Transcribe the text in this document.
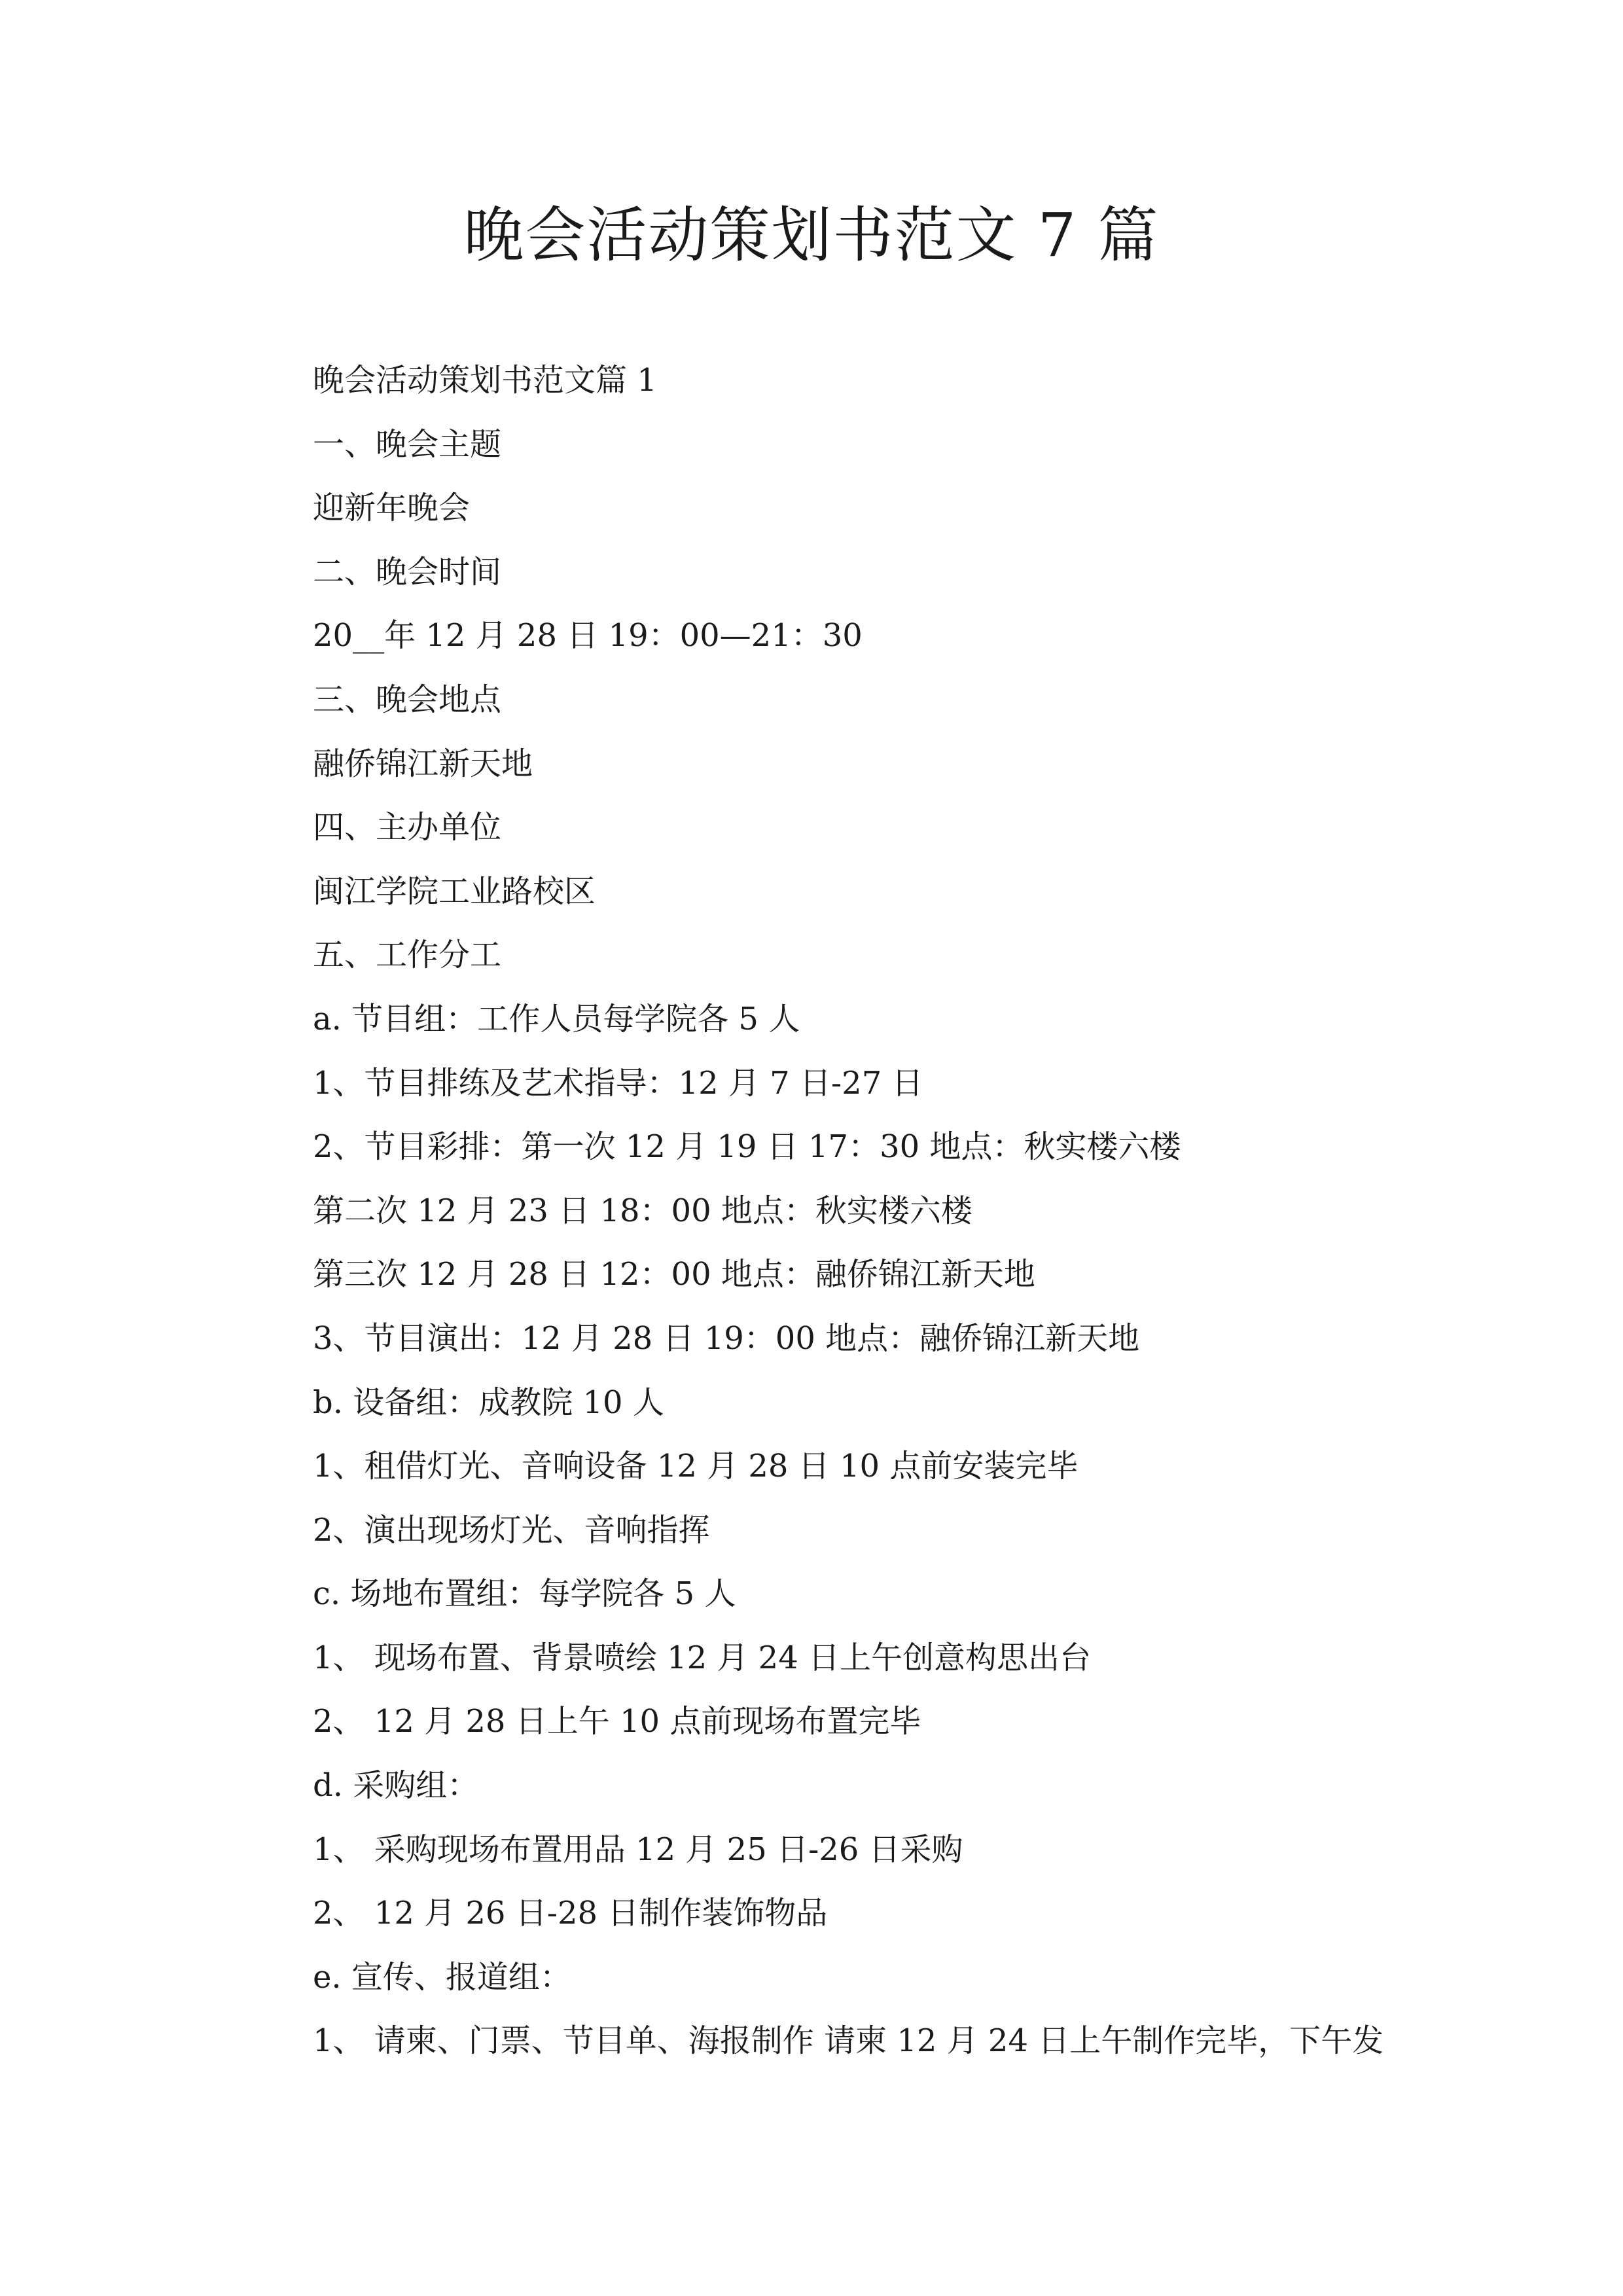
晚会活动策划书范文 7 篇
晚会活动策划书范文篇 1
一、晚会主题
迎新年晚会
二、晚会时间
20__年 12 月 28 日 19：00—21：30
三、晚会地点
融侨锦江新天地
四、主办单位
闽江学院工业路校区
五、工作分工
a. 节目组：工作人员每学院各 5 人
1、节目排练及艺术指导：12 月 7 日-27 日
2、节目彩排：第一次 12 月 19 日 17：30 地点：秋实楼六楼
第二次 12 月 23 日 18：00 地点：秋实楼六楼
第三次 12 月 28 日 12：00 地点：融侨锦江新天地
3、节目演出：12 月 28 日 19：00 地点：融侨锦江新天地
b. 设备组：成教院 10 人
1、租借灯光、音响设备 12 月 28 日 10 点前安装完毕
2、演出现场灯光、音响指挥
c. 场地布置组：每学院各 5 人
1、 现场布置、背景喷绘 12 月 24 日上午创意构思出台
2、 12 月 28 日上午 10 点前现场布置完毕
d. 采购组：
1、 采购现场布置用品 12 月 25 日-26 日采购
2、 12 月 26 日-28 日制作装饰物品
e. 宣传、报道组：
1、 请柬、门票、节目单、海报制作 请柬 12 月 24 日上午制作完毕，下午发
